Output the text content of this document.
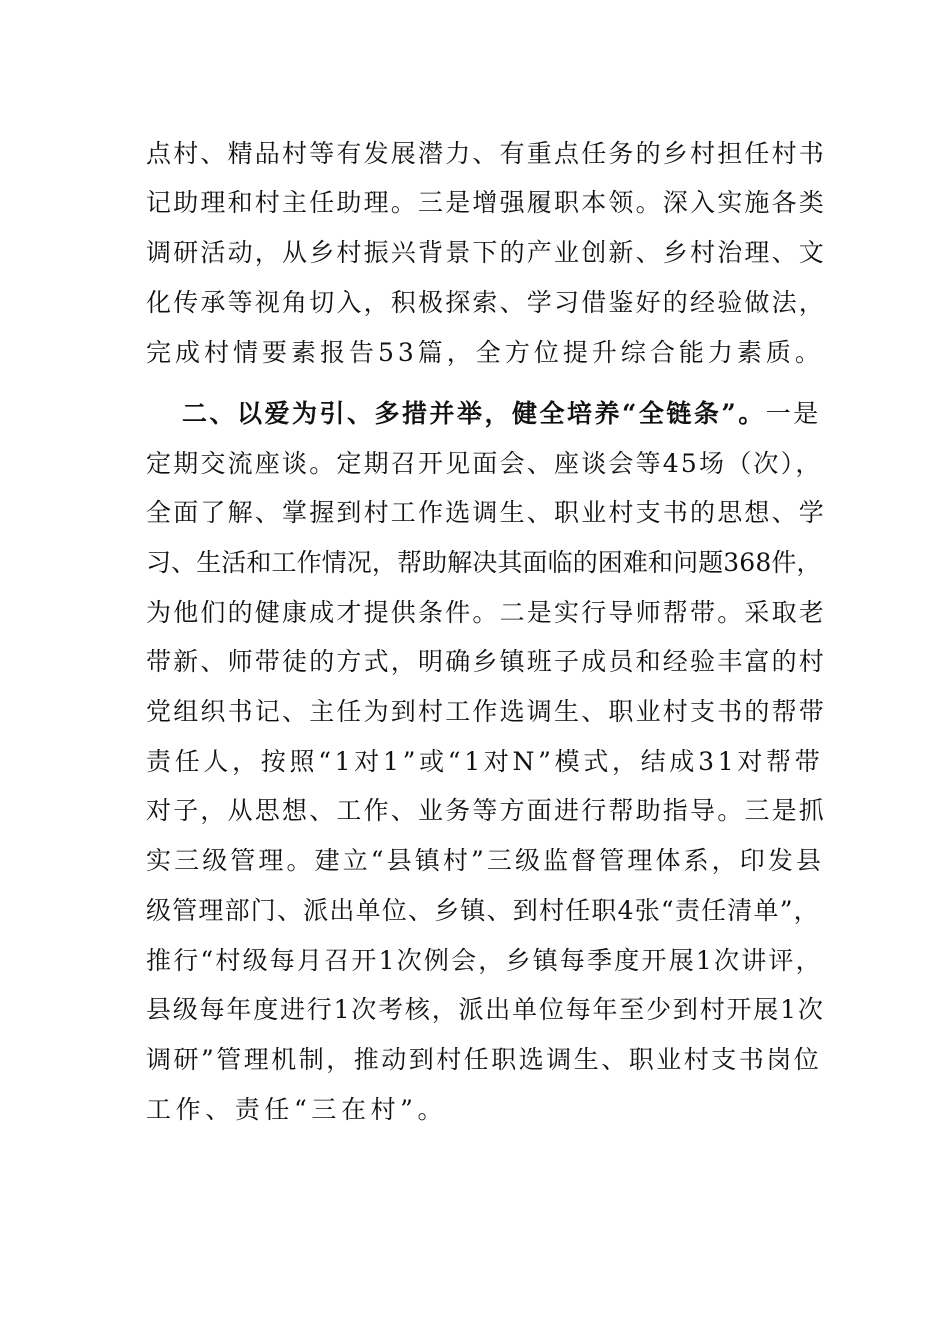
点村、精品村等有发展潜力、有重点任务的乡村担任村书
记助理和村主任助理。三是增强履职本领。深入实施各类
调研活动，从乡村振兴背景下的产业创新、乡村治理、文
化传承等视角切入，积极探索、学习借鉴好的经验做法，
完成村情要素报告53篇，全方位提升综合能力素质。
二、以爱为引、多措并举，健全培养“全链条”。一是
定期交流座谈。定期召开见面会、座谈会等45场（次），
全面了解、掌握到村工作选调生、职业村支书的思想、学
习、生活和工作情况，帮助解决其面临的困难和问题368件，
为他们的健康成才提供条件。二是实行导师帮带。采取老
带新、师带徒的方式，明确乡镇班子成员和经验丰富的村
党组织书记、主任为到村工作选调生、职业村支书的帮带
责任人，按照“1对1”或“1对N”模式，结成31对帮带
对子，从思想、工作、业务等方面进行帮助指导。三是抓
实三级管理。建立“县镇村”三级监督管理体系，印发县
级管理部门、派出单位、乡镇、到村任职4张“责任清单”，
推行“村级每月召开1次例会，乡镇每季度开展1次讲评，
县级每年度进行1次考核，派出单位每年至少到村开展1次
调研”管理机制，推动到村任职选调生、职业村支书岗位
工作、责任“三在村”。
